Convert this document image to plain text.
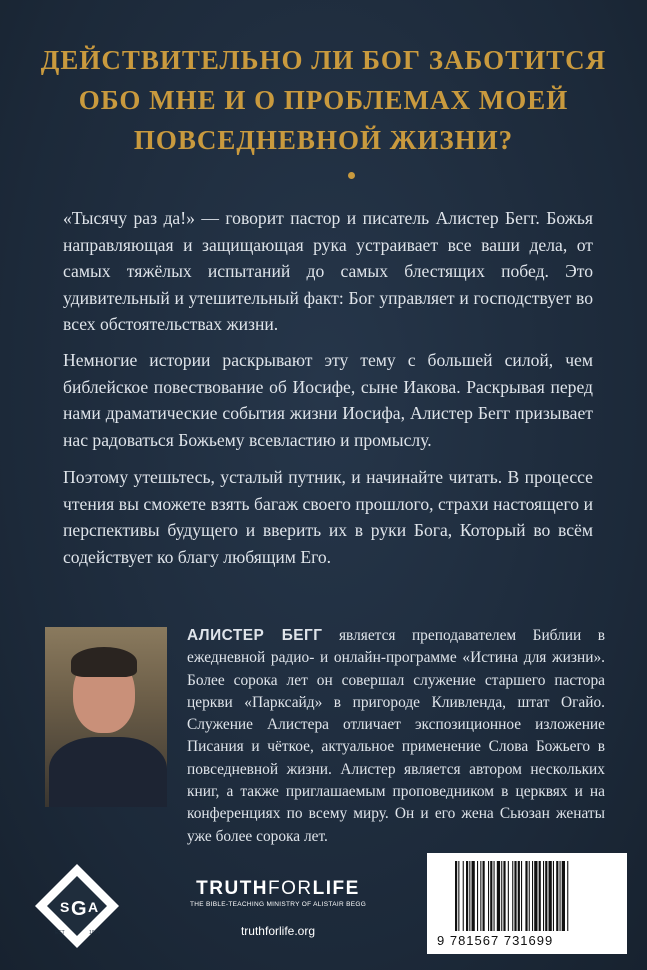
ДЕЙСТВИТЕЛЬНО ЛИ БОГ ЗАБОТИТСЯ
ОБО МНЕ И О ПРОБЛЕМАХ МОЕЙ
ПОВСЕДНЕВНОЙ ЖИЗНИ?
«Тысячу раз да!» — говорит пастор и писатель Алистер Бегг. Божья направляющая и защищающая рука устраивает все ваши дела, от самых тяжёлых испытаний до самых блестящих побед. Это удивительный и утешительный факт: Бог управляет и господствует во всех обстоятельствах жизни.
Немногие истории раскрывают эту тему с большей силой, чем библейское повествование об Иосифе, сыне Иакова. Раскрывая перед нами драматические события жизни Иосифа, Алистер Бегг призывает нас радоваться Божьему всевластию и промыслу.
Поэтому утешьтесь, усталый путник, и начинайте читать. В процессе чтения вы сможете взять багаж своего прошлого, страхи настоящего и перспективы будущего и вверить их в руки Бога, Который во всём содействует ко благу любящим Его.
АЛИСТЕР БЕГГ является преподавателем Библии в ежедневной радио- и онлайн-программе «Истина для жизни». Более сорока лет он совершал служение старшего пастора церкви «Парксайд» в пригороде Кливленда, штат Огайо. Служение Алистера отличает экспозиционное изложение Писания и чёткое, актуальное применение Слова Божьего в повседневной жизни. Алистер является автором нескольких книг, а также приглашаемым проповедником в церквях и на конференциях по всему миру. Он и его жена Сьюзан женаты уже более сорока лет.
S G A
EST	1934
TRUTHFORLIFE
THE BIBLE-TEACHING MINISTRY OF ALISTAIR BEGG
truthforlife.org
9 781567 731699
